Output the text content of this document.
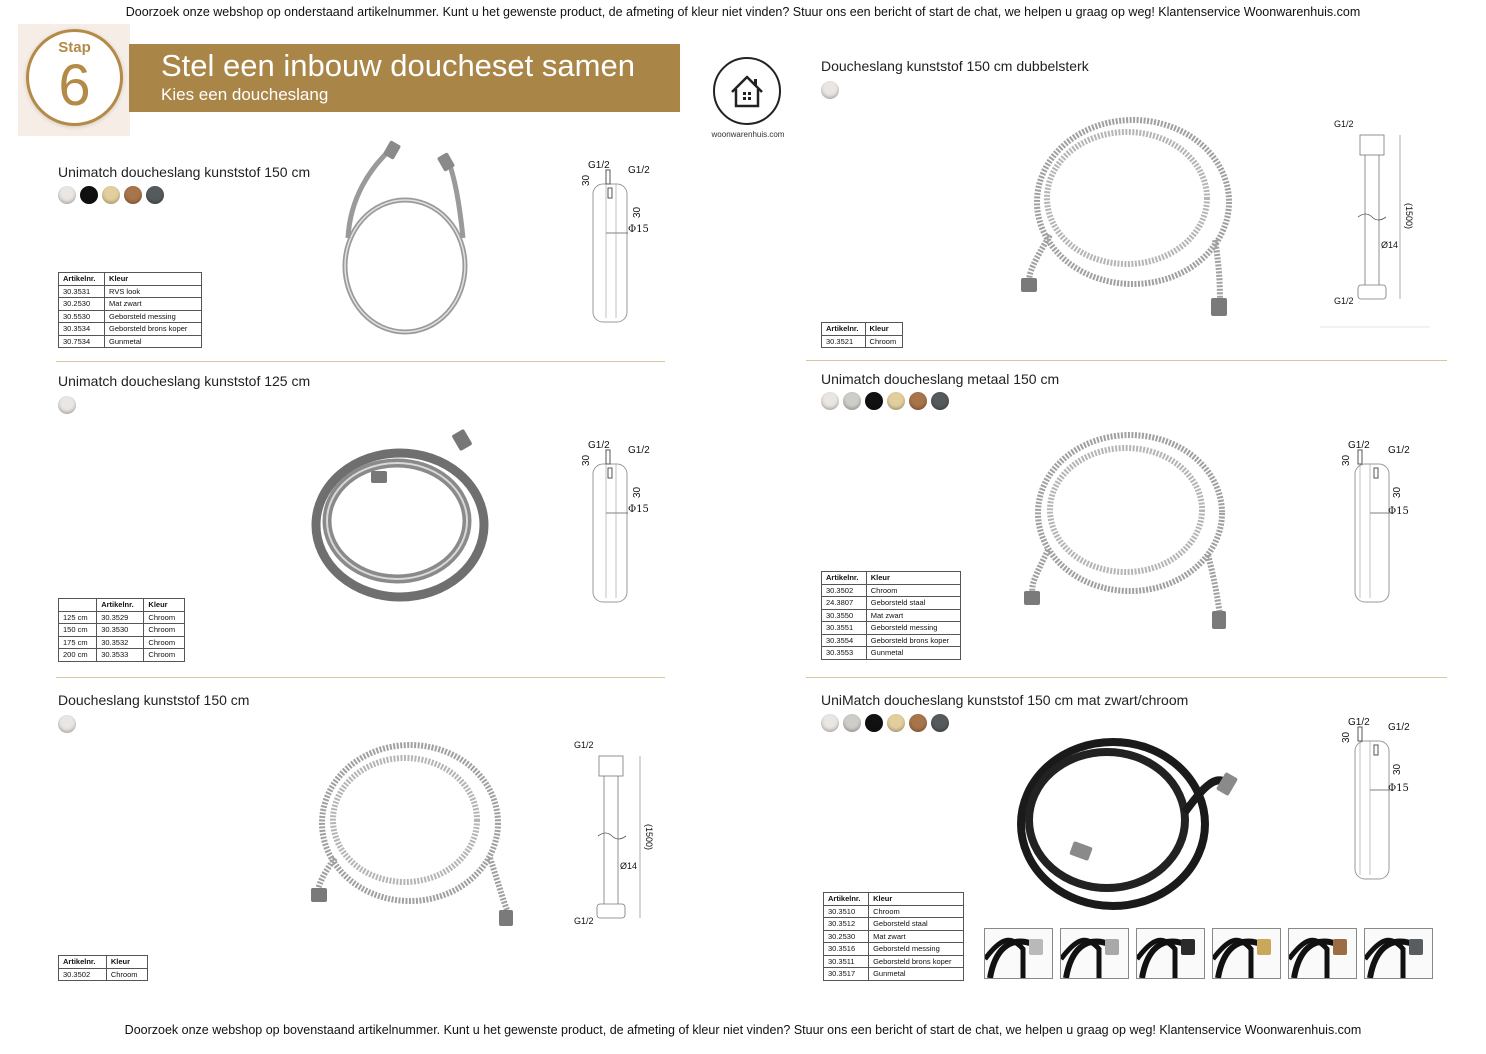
Doorzoek onze webshop op onderstaand artikelnummer. Kunt u het gewenste product, de afmeting of kleur niet vinden? Stuur ons een bericht of start de chat, we helpen u graag op weg! Klantenservice Woonwarenhuis.com
Doorzoek onze webshop op bovenstaand artikelnummer. Kunt u het gewenste product, de afmeting of kleur niet vinden? Stuur ons een bericht of start de chat, we helpen u graag op weg! Klantenservice Woonwarenhuis.com
Stap
6	Stel een inbouw doucheset samen
Kies een doucheslang
woonwarenhuis.com
Unimatch doucheslang kunststof 150 cm	G1/2 G1/2
30
30
Φ15
Artikelnr.	Kleur
30.3531	RVS look
30.2530	Mat zwart
30.5530	Geborsteld messing
30.3534	Geborsteld brons koper
30.7534	Gunmetal
Unimatch doucheslang kunststof 125 cm
G1/2 G1/2
30
30
Φ15
	Artikelnr.	Kleur
125 cm	30.3529	Chroom
150 cm	30.3530	Chroom
175 cm	30.3532	Chroom
200 cm	30.3533	Chroom
Doucheslang kunststof 150 cm
G1/2
(1500)
Ø14
G1/2
Artikelnr.	Kleur
30.3502	Chroom
Doucheslang kunststof 150 cm dubbelsterk
G1/2
(1500)
Ø14
G1/2
Artikelnr.	Kleur
30.3521	Chroom
Unimatch doucheslang metaal 150 cm
G1/2 G1/2
30
30
Φ15
Artikelnr.	Kleur
30.3502	Chroom
24.3807	Geborsteld staal
30.3550	Mat zwart
30.3551	Geborsteld messing
30.3554	Geborsteld brons koper
30.3553	Gunmetal
UniMatch doucheslang kunststof 150 cm mat zwart/chroom
G1/2 G1/2
30
30
Φ15
Artikelnr.	Kleur
30.3510	Chroom
30.3512	Geborsteld staal
30.2530	Mat zwart
30.3516	Geborsteld messing
30.3511	Geborsteld brons koper
30.3517	Gunmetal
